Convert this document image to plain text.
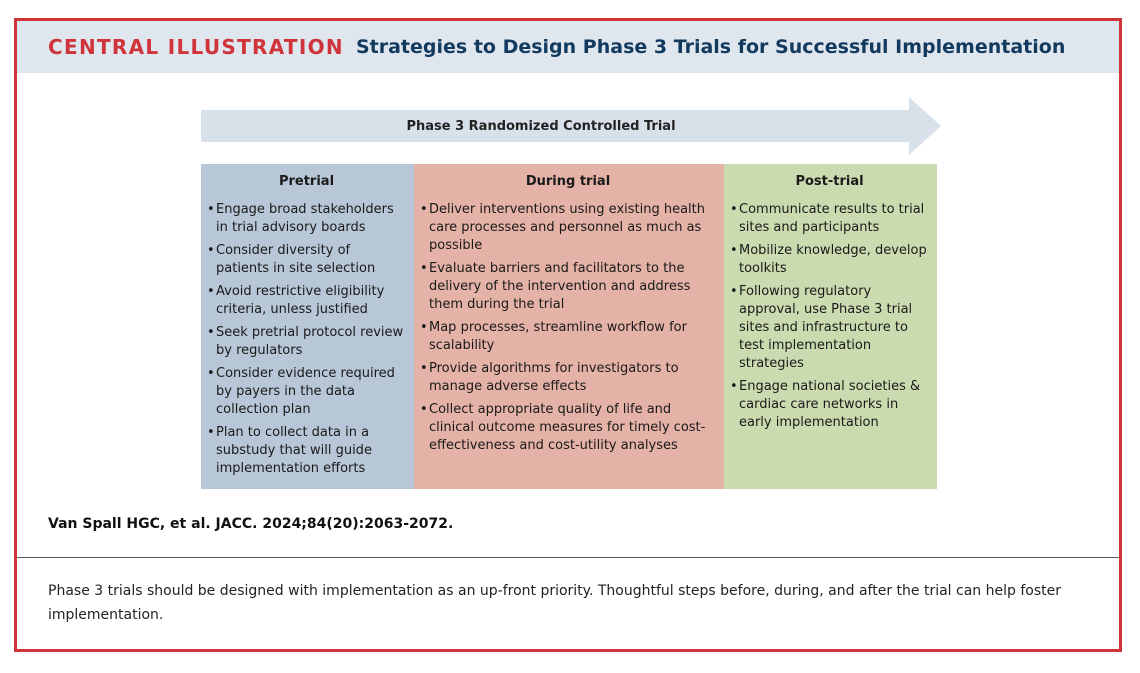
CENTRAL ILLUSTRATION Strategies to Design Phase 3 Trials for Successful Implementation
Phase 3 Randomized Controlled Trial
Pretrial
• Engage broad stakeholders in trial advisory boards
• Consider diversity of patients in site selection
• Avoid restrictive eligibility criteria, unless justified
• Seek pretrial protocol review by regulators
• Consider evidence required by payers in the data collection plan
• Plan to collect data in a substudy that will guide implementation efforts
During trial
• Deliver interventions using existing health care processes and personnel as much as possible
• Evaluate barriers and facilitators to the delivery of the intervention and address them during the trial
• Map processes, streamline workflow for scalability
• Provide algorithms for investigators to manage adverse effects
• Collect appropriate quality of life and clinical outcome measures for timely cost-effectiveness and cost-utility analyses
Post-trial
• Communicate results to trial sites and participants
• Mobilize knowledge, develop toolkits
• Following regulatory approval, use Phase 3 trial sites and infrastructure to test implementation strategies
• Engage national societies & cardiac care networks in early implementation
Van Spall HGC, et al. JACC. 2024;84(20):2063-2072.
Phase 3 trials should be designed with implementation as an up-front priority. Thoughtful steps before, during, and after the trial can help foster implementation.
